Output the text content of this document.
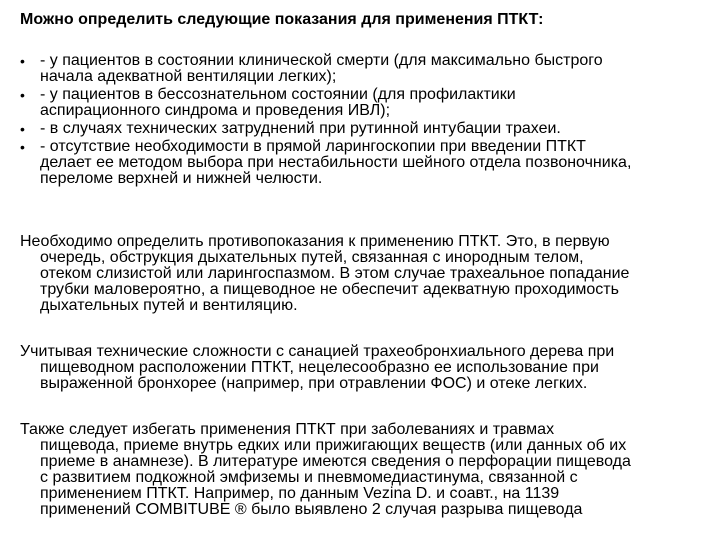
Можно определить следующие показания для применения ПТКТ:
• - у пациентов в состоянии клинической смерти (для максимально быстрого
начала адекватной вентиляции легких);
• - у пациентов в бессознательном состоянии (для профилактики
аспирационного синдрома и проведения ИВЛ);
• - в случаях технических затруднений при рутинной интубации трахеи.
• - отсутствие необходимости в прямой ларингоскопии при введении ПТКТ
делает ее методом выбора при нестабильности шейного отдела позвоночника,
переломе верхней и нижней челюсти.
Необходимо определить противопоказания к применению ПТКТ. Это, в первую
очередь, обструкция дыхательных путей, связанная с инородным телом,
отеком слизистой или ларингоспазмом. В этом случае трахеальное попадание
трубки маловероятно, а пищеводное не обеспечит адекватную проходимость
дыхательных путей и вентиляцию.
Учитывая технические сложности с санацией трахеобронхиального дерева при
пищеводном расположении ПТКТ, нецелесообразно ее использование при
выраженной бронхорее (например, при отравлении ФОС) и отеке легких.
Также следует избегать применения ПТКТ при заболеваниях и травмах
пищевода, приеме внутрь едких или прижигающих веществ (или данных об их
приеме в анамнезе). В литературе имеются сведения о перфорации пищевода
с развитием подкожной эмфиземы и пневмомедиастинума, связанной с
применением ПТКТ. Например, по данным Vezina D. и соавт., на 1139
применений COMBITUBE ® было выявлено 2 случая разрыва пищевода
